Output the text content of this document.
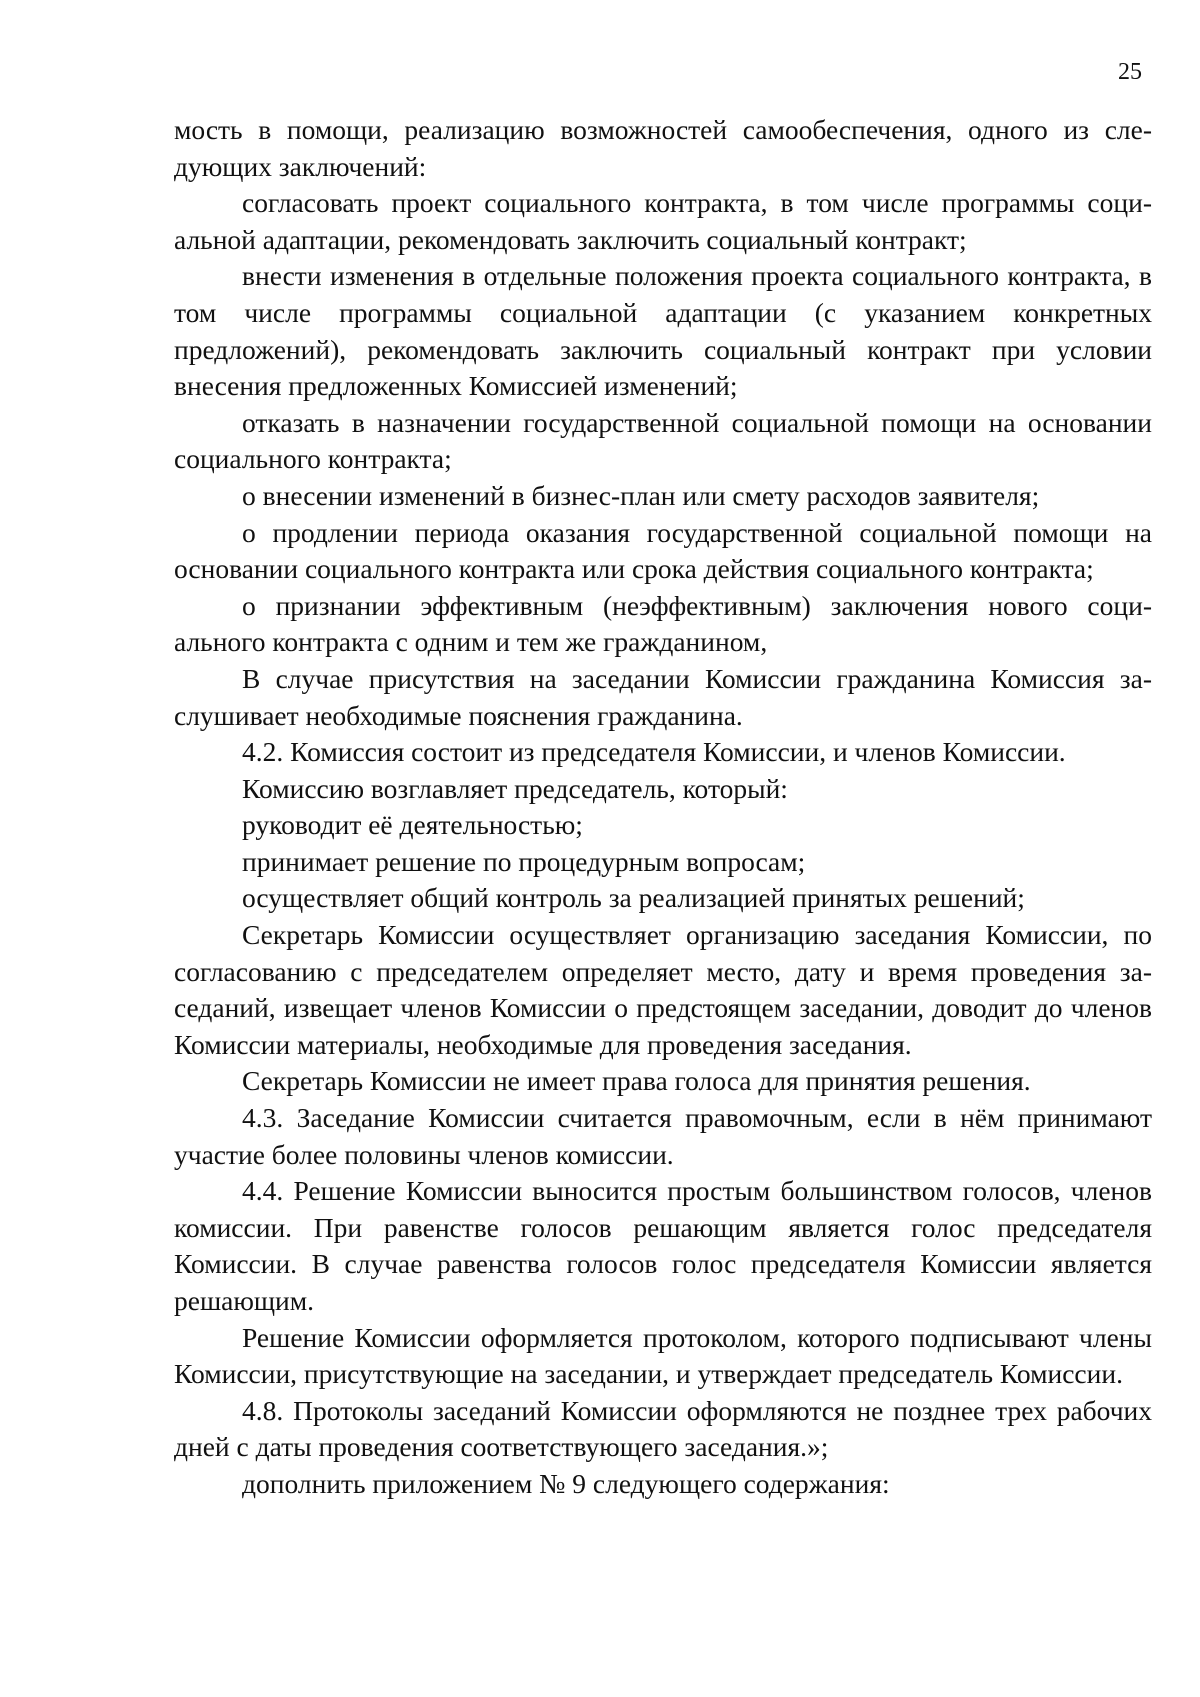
25

мость в помощи, реализацию возможностей самообеспечения, одного из следующих заключений:

согласовать проект социального контракта, в том числе программы социальной адаптации, рекомендовать заключить социальный контракт;

внести изменения в отдельные положения проекта социального контракта, в том числе программы социальной адаптации (с указанием конкретных предложений), рекомендовать заключить социальный контракт при условии внесения предложенных Комиссией изменений;

отказать в назначении государственной социальной помощи на основании социального контракта;

о внесении изменений в бизнес-план или смету расходов заявителя;

о продлении периода оказания государственной социальной помощи на основании социального контракта или срока действия социального контракта;

о признании эффективным (неэффективным) заключения нового социального контракта с одним и тем же гражданином,

В случае присутствия на заседании Комиссии гражданина Комиссия заслушивает необходимые пояснения гражданина.

4.2. Комиссия состоит из председателя Комиссии, и членов Комиссии.

Комиссию возглавляет председатель, который:

руководит её деятельностью;

принимает решение по процедурным вопросам;

осуществляет общий контроль за реализацией принятых решений;

Секретарь Комиссии осуществляет организацию заседания Комиссии, по согласованию с председателем определяет место, дату и время проведения заседаний, извещает членов Комиссии о предстоящем заседании, доводит до членов Комиссии материалы, необходимые для проведения заседания.

Секретарь Комиссии не имеет права голоса для принятия решения.

4.3. Заседание Комиссии считается правомочным, если в нём принимают участие более половины членов комиссии.

4.4. Решение Комиссии выносится простым большинством голосов, членов комиссии. При равенстве голосов решающим является голос председателя Комиссии. В случае равенства голосов голос председателя Комиссии является решающим.

Решение Комиссии оформляется протоколом, которого подписывают члены Комиссии, присутствующие на заседании, и утверждает председатель Комиссии.

4.8. Протоколы заседаний Комиссии оформляются не позднее трех рабочих дней с даты проведения соответствующего заседания.»;

дополнить приложением № 9 следующего содержания:
